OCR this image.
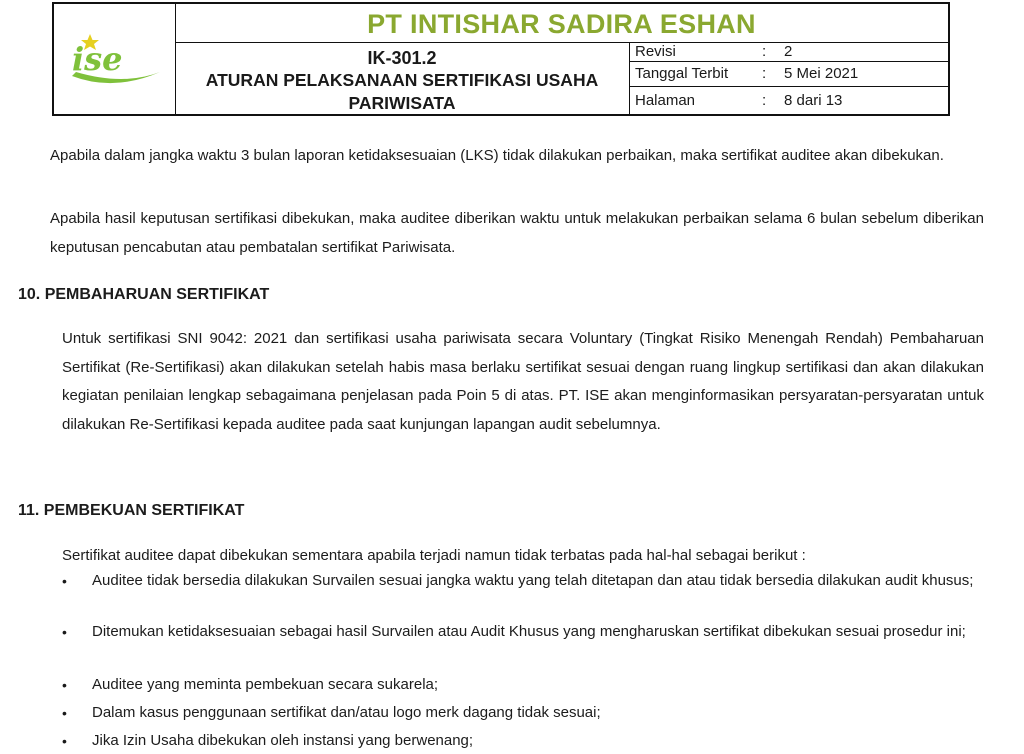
ise
PT INTISHAR SADIRA ESHAN
IK-301.2
ATURAN PELAKSANAAN SERTIFIKASI USAHA PARIWISATA
Revisi	: 2
Tanggal Terbit : 5 Mei 2021
Halaman	: 8 dari 13
Apabila dalam jangka waktu 3 bulan laporan ketidaksesuaian (LKS) tidak dilakukan perbaikan, maka sertifikat auditee akan dibekukan.
Apabila hasil keputusan sertifikasi dibekukan, maka auditee diberikan waktu untuk melakukan perbaikan selama 6 bulan sebelum diberikan keputusan pencabutan atau pembatalan sertifikat Pariwisata.
10. PEMBAHARUAN SERTIFIKAT
Untuk sertifikasi SNI 9042: 2021 dan sertifikasi usaha pariwisata secara Voluntary (Tingkat Risiko Menengah Rendah) Pembaharuan Sertifikat (Re-Sertifikasi) akan dilakukan setelah habis masa berlaku sertifikat sesuai dengan ruang lingkup sertifikasi dan akan dilakukan kegiatan penilaian lengkap sebagaimana penjelasan pada Poin 5 di atas. PT. ISE akan menginformasikan persyaratan-persyaratan untuk dilakukan Re-Sertifikasi kepada auditee pada saat kunjungan lapangan audit sebelumnya.
11. PEMBEKUAN SERTIFIKAT
Sertifikat auditee dapat dibekukan sementara apabila terjadi namun tidak terbatas pada hal-hal sebagai berikut :
• Auditee tidak bersedia dilakukan Survailen sesuai jangka waktu yang telah ditetapan dan atau tidak bersedia dilakukan audit khusus;
• Ditemukan ketidaksesuaian sebagai hasil Survailen atau Audit Khusus yang mengharuskan sertifikat dibekukan sesuai prosedur ini;
• Auditee yang meminta pembekuan secara sukarela;
• Dalam kasus penggunaan sertifikat dan/atau logo merk dagang tidak sesuai;
• Jika Izin Usaha dibekukan oleh instansi yang berwenang;
